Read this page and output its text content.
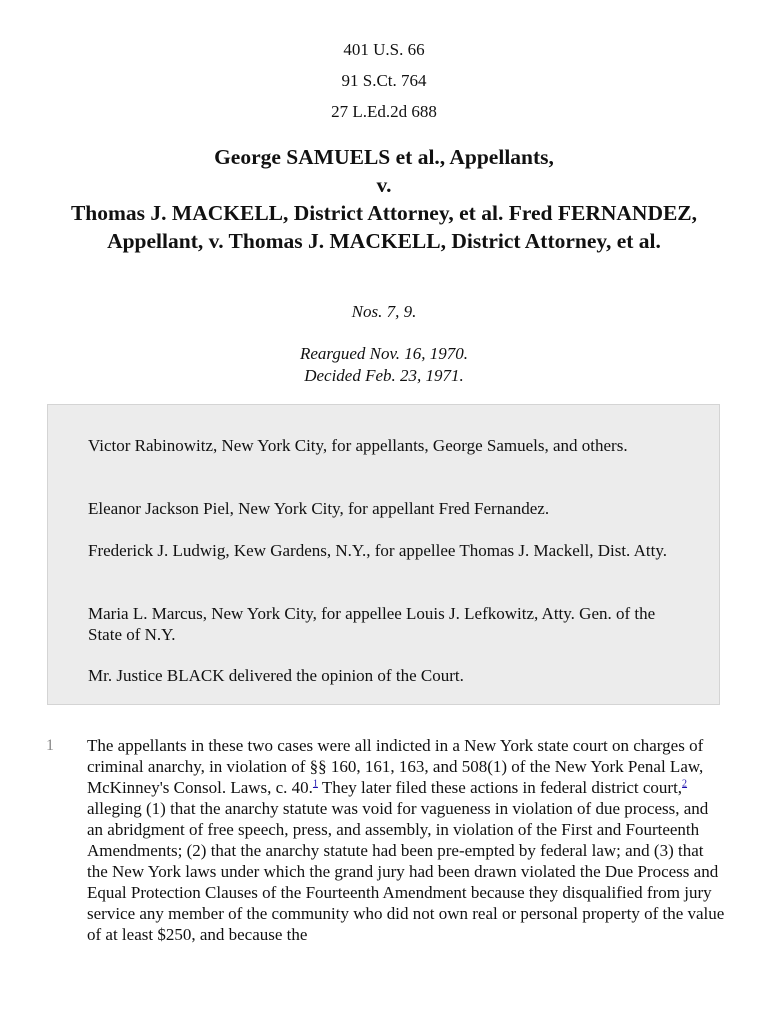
401 U.S. 66
91 S.Ct. 764
27 L.Ed.2d 688
George SAMUELS et al., Appellants,
v.
Thomas J. MACKELL, District Attorney, et al. Fred FERNANDEZ, Appellant, v. Thomas J. MACKELL, District Attorney, et al.
Nos. 7, 9.
Reargued Nov. 16, 1970.
Decided Feb. 23, 1971.

Victor Rabinowitz, New York City, for appellants, George Samuels, and others.

Eleanor Jackson Piel, New York City, for appellant Fred Fernandez.

Frederick J. Ludwig, Kew Gardens, N.Y., for appellee Thomas J. Mackell, Dist. Atty.

Maria L. Marcus, New York City, for appellee Louis J. Lefkowitz, Atty. Gen. of the State of N.Y.

Mr. Justice BLACK delivered the opinion of the Court.

1 The appellants in these two cases were all indicted in a New York state court on charges of criminal anarchy, in violation of §§ 160, 161, 163, and 508(1) of the New York Penal Law, McKinney's Consol. Laws, c. 40.$^1$ They later filed these actions in federal district court,$^2$ alleging (1) that the anarchy statute was void for vagueness in violation of due process, and an abridgment of free speech, press, and assembly, in violation of the First and Fourteenth Amendments; (2) that the anarchy statute had been pre-empted by federal law; and (3) that the New York laws under which the grand jury had been drawn violated the Due Process and Equal Protection Clauses of the Fourteenth Amendment because they disqualified from jury service any member of the community who did not own real or personal property of the value of at least $250, and because the
